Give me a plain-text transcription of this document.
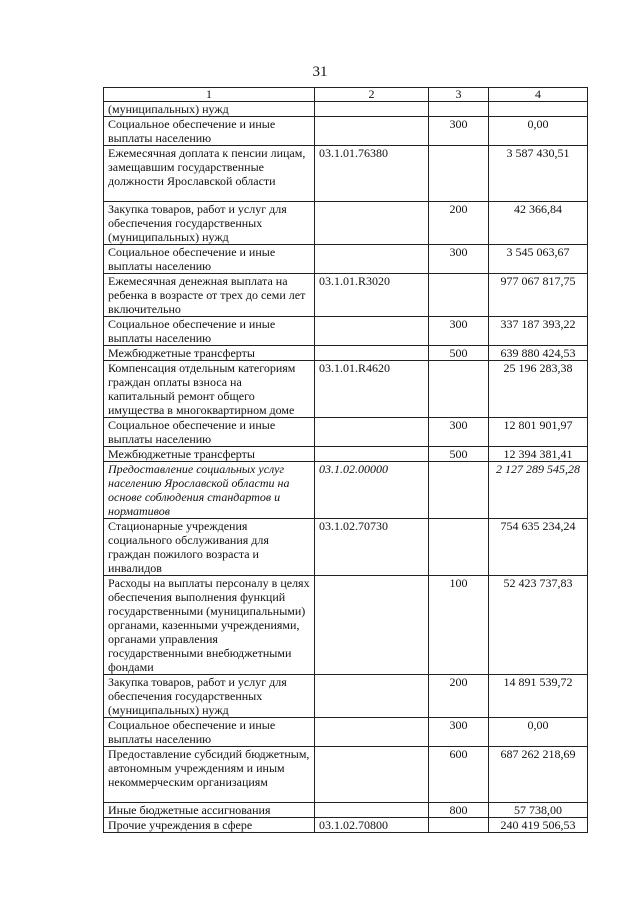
31
1	2	3	4
(муниципальных) нужд			
Социальное обеспечение и иные выплаты населению		300	0,00
Ежемесячная доплата к пенсии лицам, замещавшим государственные должности Ярославской области	03.1.01.76380		3 587 430,51
Закупка товаров, работ и услуг для обеспечения государственных (муниципальных) нужд		200	42 366,84
Социальное обеспечение и иные выплаты населению		300	3 545 063,67
Ежемесячная денежная выплата на ребенка в возрасте от трех до семи лет включительно	03.1.01.R3020		977 067 817,75
Социальное обеспечение и иные выплаты населению		300	337 187 393,22
Межбюджетные трансферты		500	639 880 424,53
Компенсация отдельным категориям граждан оплаты взноса на капитальный ремонт общего имущества в многоквартирном доме	03.1.01.R4620		25 196 283,38
Социальное обеспечение и иные выплаты населению		300	12 801 901,97
Межбюджетные трансферты		500	12 394 381,41
Предоставление социальных услуг населению Ярославской области на основе соблюдения стандартов и нормативов	03.1.02.00000		2 127 289 545,28
Стационарные учреждения социального обслуживания для граждан пожилого возраста и инвалидов	03.1.02.70730		754 635 234,24
Расходы на выплаты персоналу в целях обеспечения выполнения функций государственными (муниципальными) органами, казенными учреждениями, органами управления государственными внебюджетными фондами		100	52 423 737,83
Закупка товаров, работ и услуг для обеспечения государственных (муниципальных) нужд		200	14 891 539,72
Социальное обеспечение и иные выплаты населению		300	0,00
Предоставление субсидий бюджетным, автономным учреждениям и иным некоммерческим организациям		600	687 262 218,69
Иные бюджетные ассигнования		800	57 738,00
Прочие учреждения в сфере	03.1.02.70800		240 419 506,53
